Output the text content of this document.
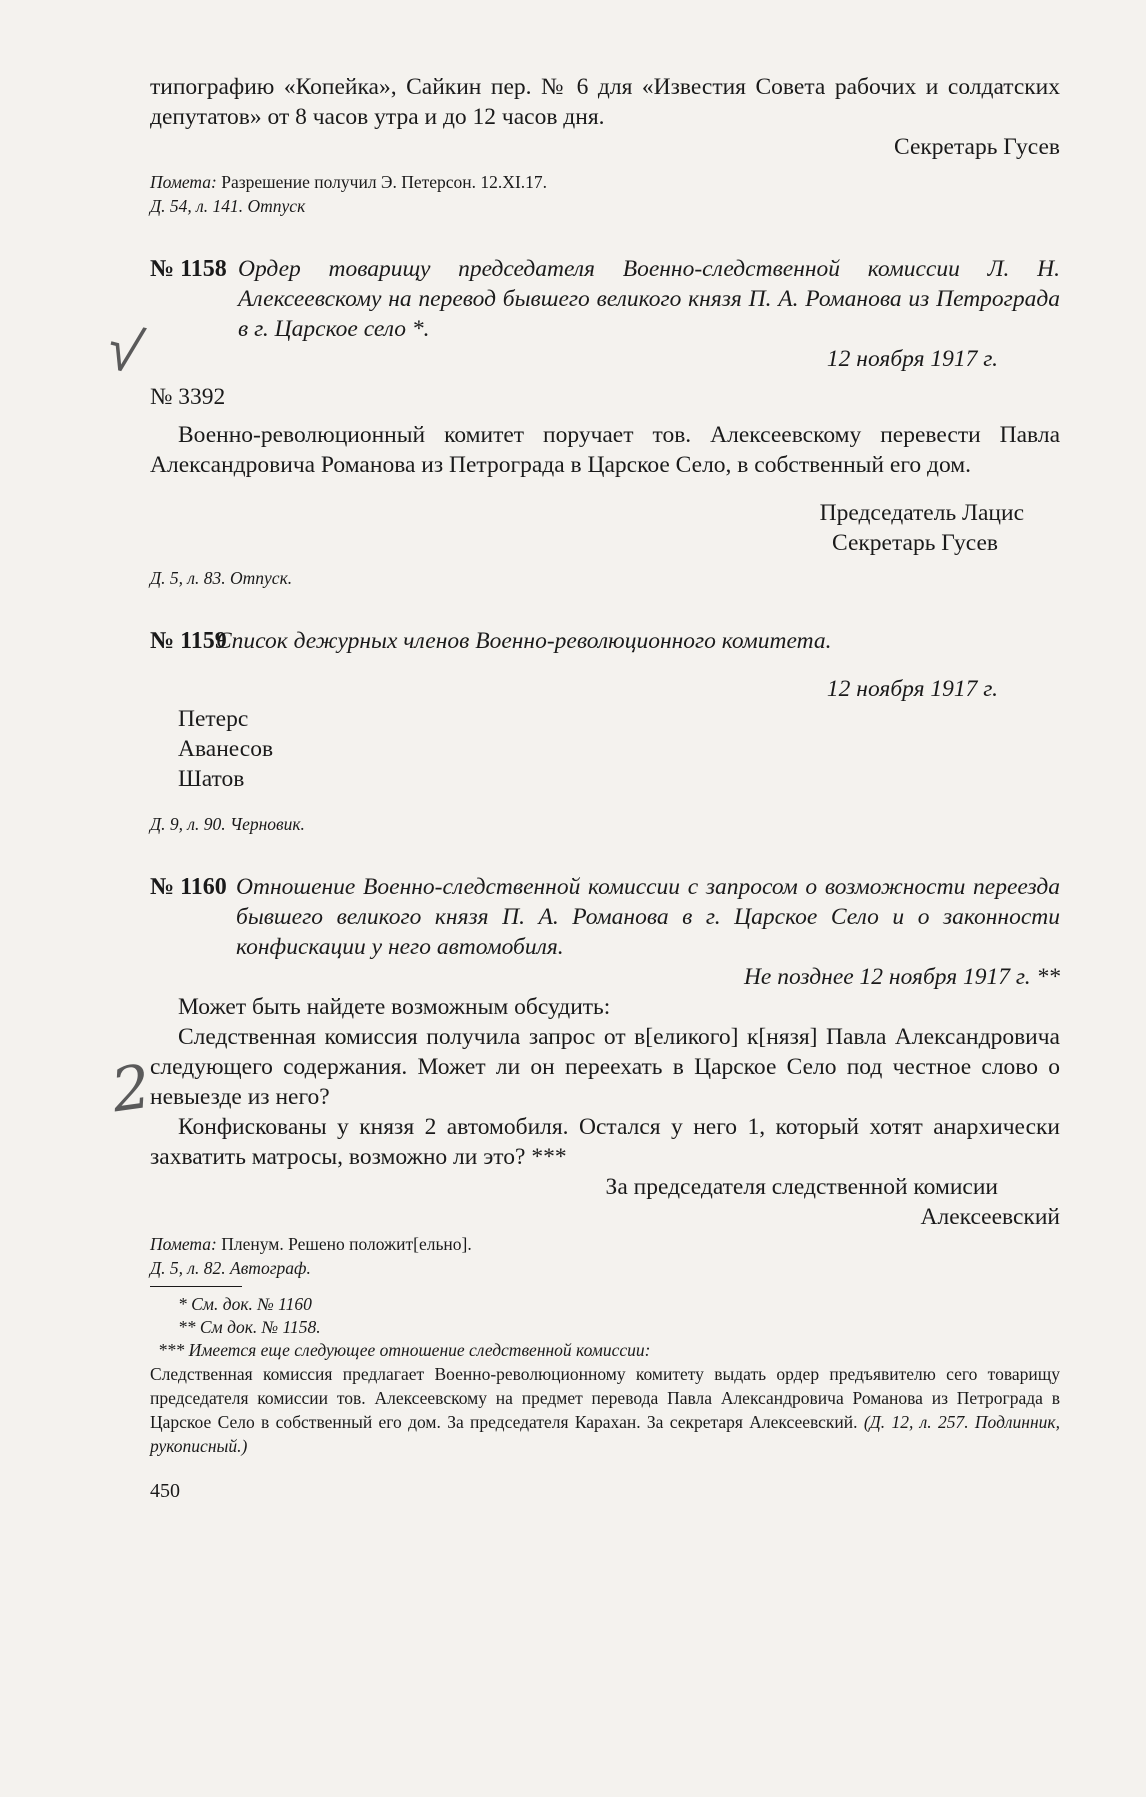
типографию «Копейка», Сайкин пер. № 6 для «Известия Совета рабочих и солдатских депутатов» от 8 часов утра и до 12 часов дня.

Секретарь Гусев

Помета: Разрешение получил Э. Петерсон. 12.XI.17.

Д. 54, л. 141. Отпуск

№ 1158 Ордер товарищу председателя Военно-следственной комиссии Л. Н. Алексеевскому на перевод бывшего великого князя П. А. Романова из Петрограда в г. Царское село *.

12 ноября 1917 г.

№ 3392

Военно-революционный комитет поручает тов. Алексеевскому перевести Павла Александровича Романова из Петрограда в Царское Село, в собственный его дом.

Председатель Лацис

Секретарь Гусев

Д. 5, л. 83. Отпуск.

№ 1159

Список дежурных членов Военно-революционного комитета.

12 ноября 1917 г.

Петерс
Аванесов
Шатов

Д. 9, л. 90. Черновик.

№ 1160 Отношение Военно-следственной комиссии с запросом о возможности переезда бывшего великого князя П. А. Романова в г. Царское Село и о законности конфискации у него автомобиля.

Не позднее 12 ноября 1917 г. **

Может быть найдете возможным обсудить:

Следственная комиссия получила запрос от в[еликого] к[нязя] Павла Александровича следующего содержания. Может ли он переехать в Царское Село под честное слово о невыезде из него?

Конфискованы у князя 2 автомобиля. Остался у него 1, который хотят анархически захватить матросы, возможно ли это? ***

За председателя следственной комисии

Алексеевский

Помета: Пленум. Решено положит[ельно].

Д. 5, л. 82. Автограф.

* См. док. № 1160

** См док. № 1158.

*** Имеется еще следующее отношение следственной комиссии:

Следственная комиссия предлагает Военно-революционному комитету выдать ордер предъявителю сего товарищу председателя комиссии тов. Алексеевскому на предмет перевода Павла Александровича Романова из Петрограда в Царское Село в собственный его дом. За председателя Карахан. За секретаря Алексеевский. (Д. 12, л. 257. Подлинник, рукописный.)

450

√
2
